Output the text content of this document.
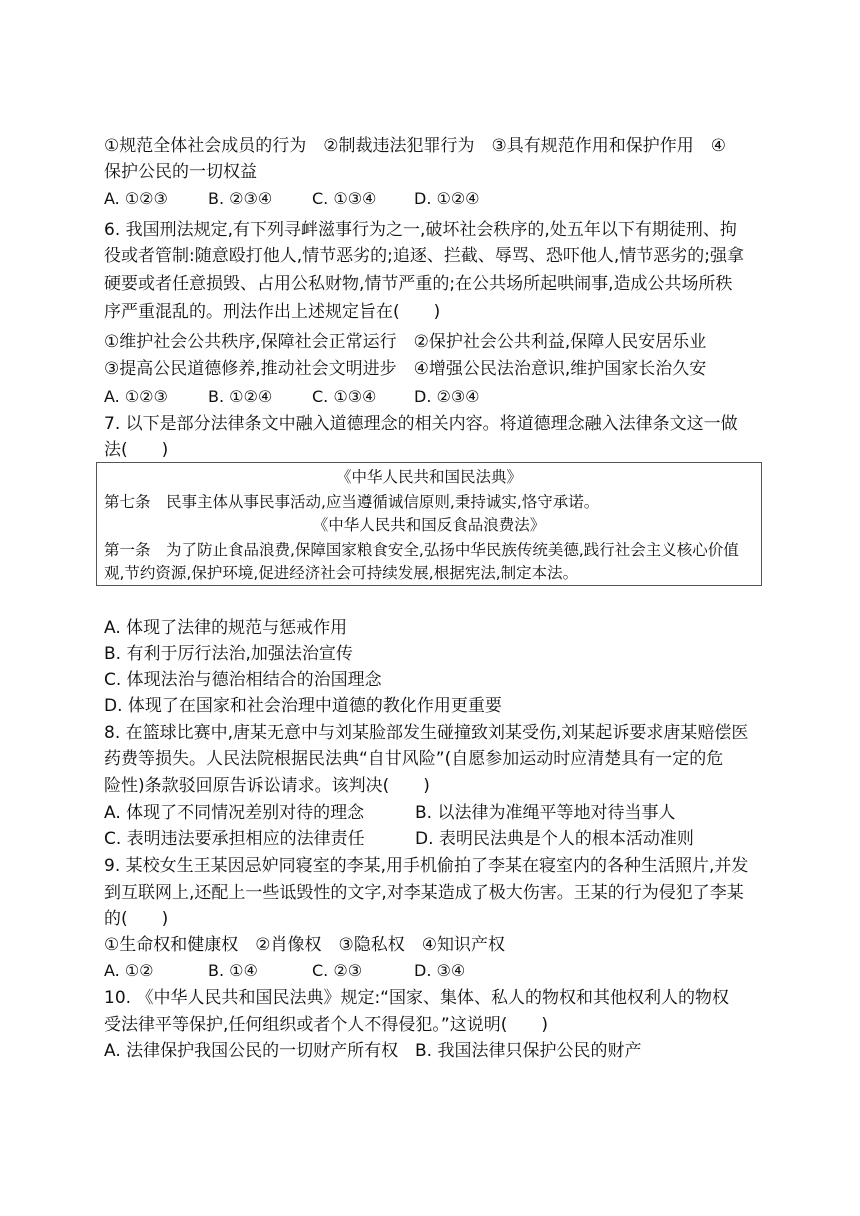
①规范全体社会成员的行为　②制裁违法犯罪行为　③具有规范作用和保护作用　④
保护公民的一切权益
A. ①②③	B. ②③④ C. ①③④ D. ①②④
6. 我国刑法规定,有下列寻衅滋事行为之一,破坏社会秩序的,处五年以下有期徒刑、拘
役或者管制:随意殴打他人,情节恶劣的;追逐、拦截、辱骂、恐吓他人,情节恶劣的;强拿
硬要或者任意损毁、占用公私财物,情节严重的;在公共场所起哄闹事,造成公共场所秩
序严重混乱的。刑法作出上述规定旨在(　　)
①维护社会公共秩序,保障社会正常运行　②保护社会公共利益,保障人民安居乐业
③提高公民道德修养,推动社会文明进步　④增强公民法治意识,维护国家长治久安
A. ①②③	B. ①②④ C. ①③④ D. ②③④
7. 以下是部分法律条文中融入道德理念的相关内容。将道德理念融入法律条文这一做
法(　　)
《中华人民共和国民法典》
第七条　民事主体从事民事活动,应当遵循诚信原则,秉持诚实,恪守承诺。
《中华人民共和国反食品浪费法》
第一条　为了防止食品浪费,保障国家粮食安全,弘扬中华民族传统美德,践行社会主义核心价值
观,节约资源,保护环境,促进经济社会可持续发展,根据宪法,制定本法。
A. 体现了法律的规范与惩戒作用
B. 有利于厉行法治,加强法治宣传
C. 体现法治与德治相结合的治国理念
D. 体现了在国家和社会治理中道德的教化作用更重要
8. 在篮球比赛中,唐某无意中与刘某脸部发生碰撞致刘某受伤,刘某起诉要求唐某赔偿医
药费等损失。人民法院根据民法典“自甘风险”(自愿参加运动时应清楚具有一定的危
险性)条款驳回原告诉讼请求。该判决(　　)
A. 体现了不同情况差别对待的理念	B. 以法律为准绳平等地对待当事人
C. 表明违法要承担相应的法律责任	D. 表明民法典是个人的根本活动准则
9. 某校女生王某因忌妒同寝室的李某,用手机偷拍了李某在寝室内的各种生活照片,并发
到互联网上,还配上一些诋毁性的文字,对李某造成了极大伤害。王某的行为侵犯了李某
的(　　)
①生命权和健康权　②肖像权　③隐私权　④知识产权
A. ①②	B. ①④	C. ②③	D. ③④
10. 《中华人民共和国民法典》规定:“国家、集体、私人的物权和其他权利人的物权
受法律平等保护,任何组织或者个人不得侵犯。”这说明(　　)
A. 法律保护我国公民的一切财产所有权 B. 我国法律只保护公民的财产
